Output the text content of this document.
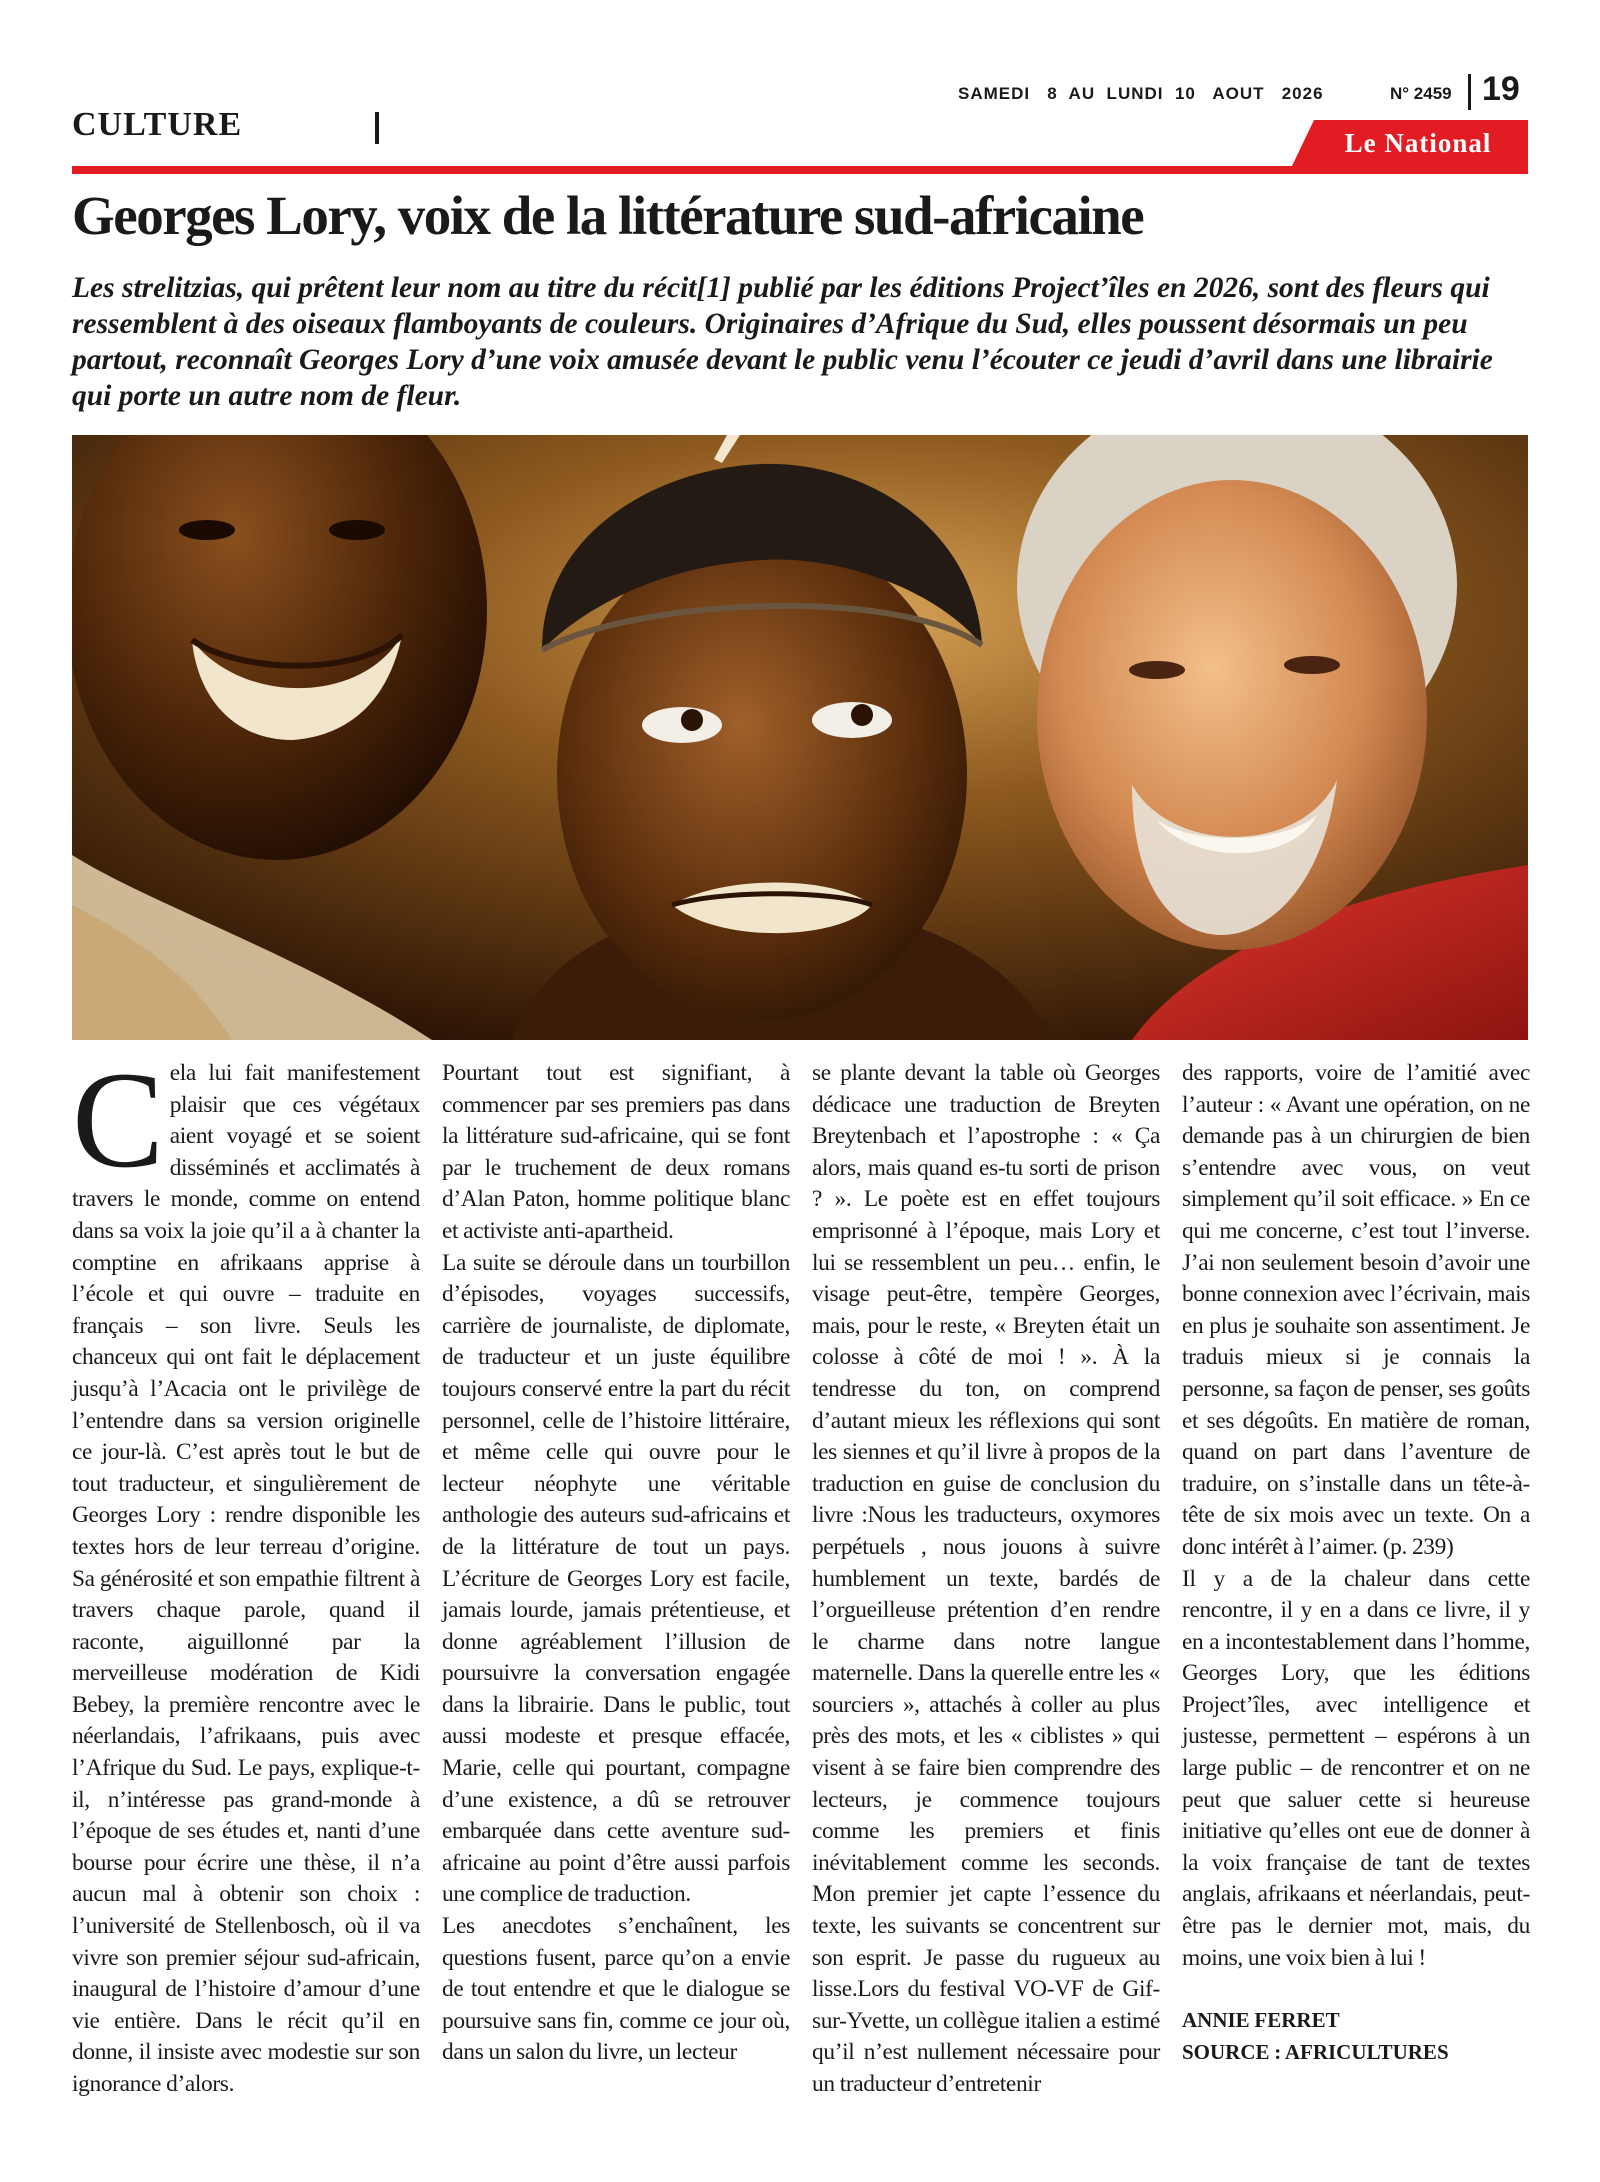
CULTURE
SAMEDI   8  AU  LUNDI  10   AOUT   2026	N° 2459 19
Le National
Georges Lory, voix de la littérature sud-africaine

Les strelitzias, qui prêtent leur nom au titre du récit[1] publié par les éditions Project’îles en 2026, sont des fleurs qui ressemblent à des oiseaux flamboyants de couleurs. Originaires d’Afrique du Sud, elles poussent désormais un peu partout, reconnaît Georges Lory d’une voix amusée devant le public venu l’écouter ce jeudi d’avril dans une librairie qui porte un autre nom de fleur.

Cela lui fait manifestement plaisir que ces végétaux aient voyagé et se soient disséminés et acclimatés à travers le monde, comme on entend dans sa voix la joie qu’il a à chanter la comptine en afrikaans apprise à l’école et qui ouvre – traduite en français – son livre. Seuls les chanceux qui ont fait le déplacement jusqu’à l’Acacia ont le privilège de l’entendre dans sa version originelle ce jour-là. C’est après tout le but de tout traducteur, et singulièrement de Georges Lory : rendre disponible les textes hors de leur terreau d’origine. Sa générosité et son empathie filtrent à travers chaque parole, quand il raconte, aiguillonné par la merveilleuse modération de Kidi Bebey, la première rencontre avec le néerlandais, l’afrikaans, puis avec l’Afrique du Sud. Le pays, explique-t-il, n’intéresse pas grand-monde à l’époque de ses études et, nanti d’une bourse pour écrire une thèse, il n’a aucun mal à obtenir son choix : l’université de Stellenbosch, où il va vivre son premier séjour sud-africain, inaugural de l’histoire d’amour d’une vie entière. Dans le récit qu’il en donne, il insiste avec modestie sur son ignorance d’alors.

Pourtant tout est signifiant, à commencer par ses premiers pas dans la littérature sud-africaine, qui se font par le truchement de deux romans d’Alan Paton, homme politique blanc et activiste anti-apartheid.

La suite se déroule dans un tourbillon d’épisodes, voyages successifs, carrière de journaliste, de diplomate, de traducteur et un juste équilibre toujours conservé entre la part du récit personnel, celle de l’histoire littéraire, et même celle qui ouvre pour le lecteur néophyte une véritable anthologie des auteurs sud-africains et de la littérature de tout un pays. L’écriture de Georges Lory est facile, jamais lourde, jamais prétentieuse, et donne agréablement l’illusion de poursuivre la conversation engagée dans la librairie. Dans le public, tout aussi modeste et presque effacée, Marie, celle qui pourtant, compagne d’une existence, a dû se retrouver embarquée dans cette aventure sud-africaine au point d’être aussi parfois une complice de traduction.

Les anecdotes s’enchaînent, les questions fusent, parce qu’on a envie de tout entendre et que le dialogue se poursuive sans fin, comme ce jour où, dans un salon du livre, un lecteur

se plante devant la table où Georges dédicace une traduction de Breyten Breytenbach et l’apostrophe : « Ça alors, mais quand es-tu sorti de prison ? ». Le poète est en effet toujours emprisonné à l’époque, mais Lory et lui se ressemblent un peu… enfin, le visage peut-être, tempère Georges, mais, pour le reste, « Breyten était un colosse à côté de moi ! ». À la tendresse du ton, on comprend d’autant mieux les réflexions qui sont les siennes et qu’il livre à propos de la traduction en guise de conclusion du livre :Nous les traducteurs, oxymores perpétuels , nous jouons à suivre humblement un texte, bardés de l’orgueilleuse prétention d’en rendre le charme dans notre langue maternelle. Dans la querelle entre les « sourciers », attachés à coller au plus près des mots, et les « ciblistes » qui visent à se faire bien comprendre des lecteurs, je commence toujours comme les premiers et finis inévitablement comme les seconds. Mon premier jet capte l’essence du texte, les suivants se concentrent sur son esprit. Je passe du rugueux au lisse.Lors du festival VO-VF de Gif-sur-Yvette, un collègue italien a estimé qu’il n’est nullement nécessaire pour un traducteur d’entretenir

des rapports, voire de l’amitié avec l’auteur : « Avant une opération, on ne demande pas à un chirurgien de bien s’entendre avec vous, on veut simplement qu’il soit efficace. » En ce qui me concerne, c’est tout l’inverse. J’ai non seulement besoin d’avoir une bonne connexion avec l’écrivain, mais en plus je souhaite son assentiment. Je traduis mieux si je connais la personne, sa façon de penser, ses goûts et ses dégoûts. En matière de roman, quand on part dans l’aventure de traduire, on s’installe dans un tête-à-tête de six mois avec un texte. On a donc intérêt à l’aimer. (p. 239)

Il y a de la chaleur dans cette rencontre, il y en a dans ce livre, il y en a incontestablement dans l’homme, Georges Lory, que les éditions Project’îles, avec intelligence et justesse, permettent – espérons à un large public – de rencontrer et on ne peut que saluer cette si heureuse initiative qu’elles ont eue de donner à la voix française de tant de textes anglais, afrikaans et néerlandais, peut-être pas le dernier mot, mais, du moins, une voix bien à lui !

ANNIE FERRET
SOURCE : AFRICULTURES
